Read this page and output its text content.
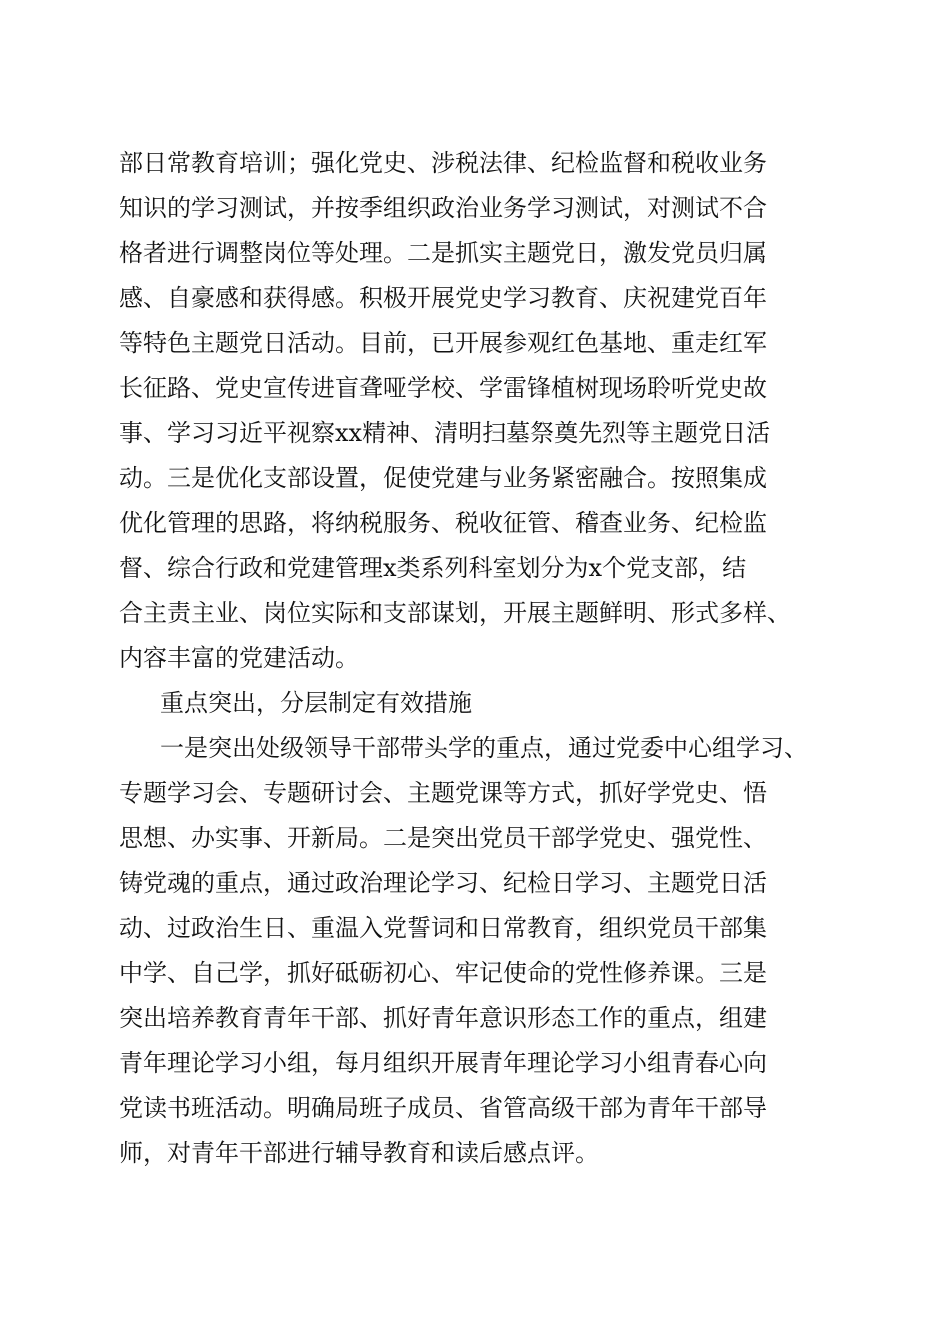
部日常教育培训；强化党史、涉税法律、纪检监督和税收业务
知识的学习测试，并按季组织政治业务学习测试，对测试不合
格者进行调整岗位等处理。二是抓实主题党日，激发党员归属
感、自豪感和获得感。积极开展党史学习教育、庆祝建党百年
等特色主题党日活动。目前，已开展参观红色基地、重走红军
长征路、党史宣传进盲聋哑学校、学雷锋植树现场聆听党史故
事、学习习近平视察xx精神、清明扫墓祭奠先烈等主题党日活
动。三是优化支部设置，促使党建与业务紧密融合。按照集成
优化管理的思路，将纳税服务、税收征管、稽查业务、纪检监
督、综合行政和党建管理x类系列科室划分为x个党支部，结
合主责主业、岗位实际和支部谋划，开展主题鲜明、形式多样、
内容丰富的党建活动。
重点突出，分层制定有效措施
一是突出处级领导干部带头学的重点，通过党委中心组学习、
专题学习会、专题研讨会、主题党课等方式，抓好学党史、悟
思想、办实事、开新局。二是突出党员干部学党史、强党性、
铸党魂的重点，通过政治理论学习、纪检日学习、主题党日活
动、过政治生日、重温入党誓词和日常教育，组织党员干部集
中学、自己学，抓好砥砺初心、牢记使命的党性修养课。三是
突出培养教育青年干部、抓好青年意识形态工作的重点，组建
青年理论学习小组，每月组织开展青年理论学习小组青春心向
党读书班活动。明确局班子成员、省管高级干部为青年干部导
师，对青年干部进行辅导教育和读后感点评。
